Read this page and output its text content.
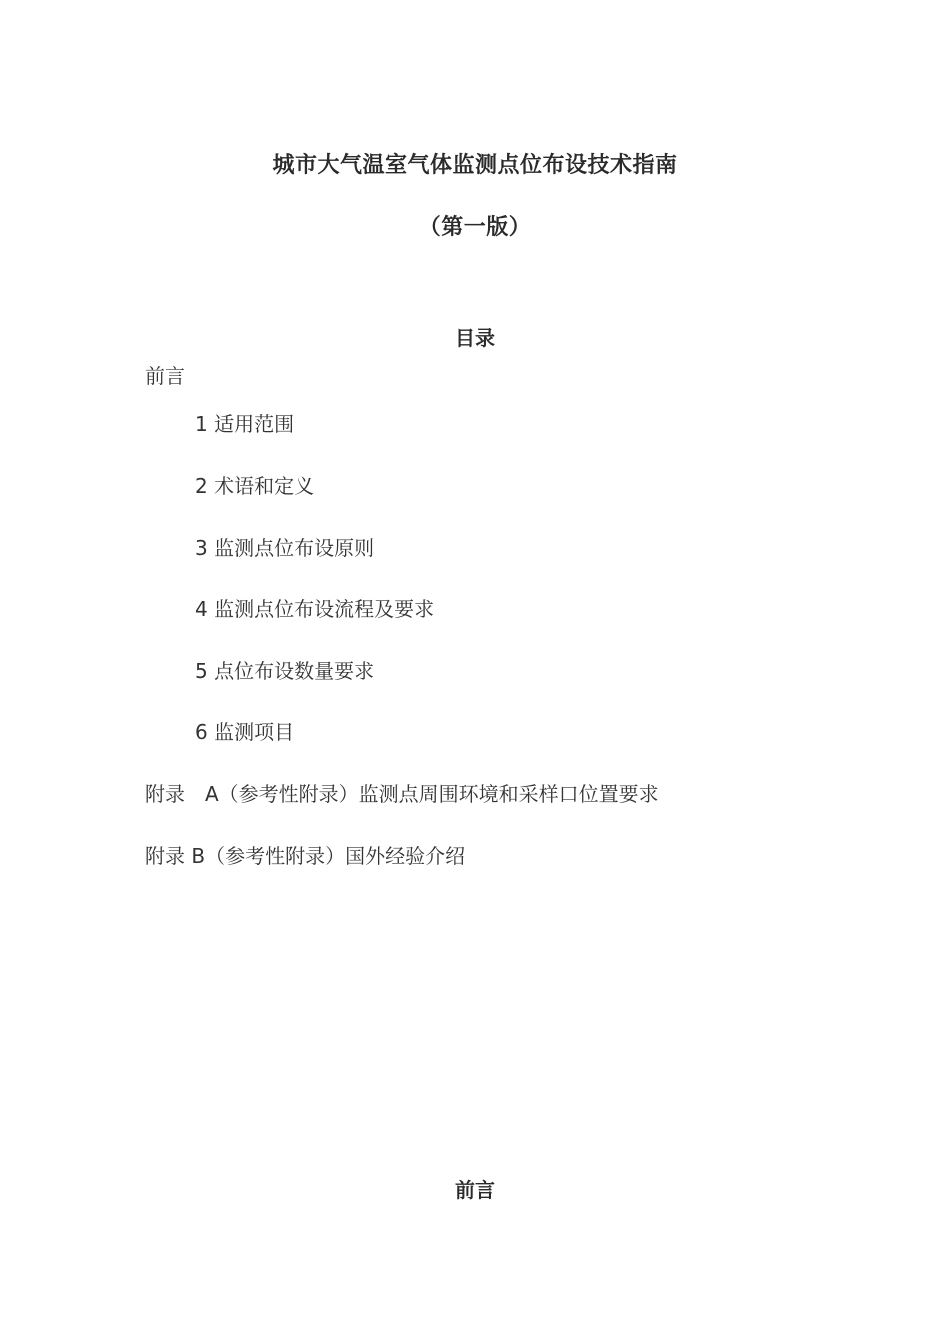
城市大气温室气体监测点位布设技术指南
（第一版）
目录
前言
1 适用范围
2 术语和定义
3 监测点位布设原则
4 监测点位布设流程及要求
5 点位布设数量要求
6 监测项目
附录　A（参考性附录）监测点周围环境和采样口位置要求
附录 B（参考性附录）国外经验介绍
前言
